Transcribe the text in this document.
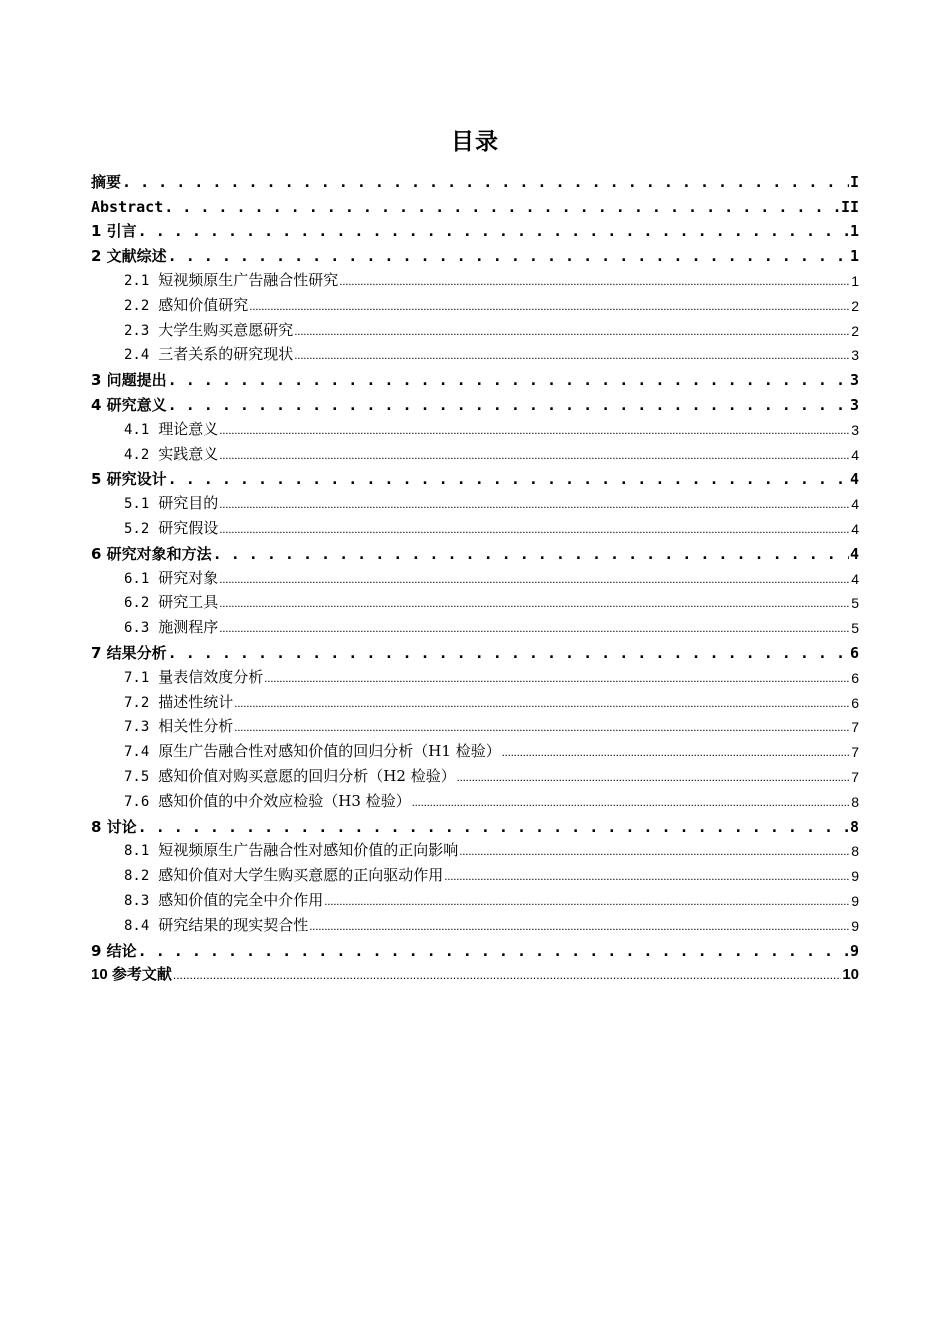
目录
摘要 . . .	I
Abstract . . .	II
1 引言 . . .	1
2 文献综述 . . .	1
2.1 短视频原生广告融合性研究 .....	1
2.2 感知价值研究 .....	2
2.3 大学生购买意愿研究 .....	2
2.4 三者关系的研究现状 .....	3
3 问题提出 . . .	3
4 研究意义 . . .	3
4.1 理论意义 .....	3
4.2 实践意义 .....	4
5 研究设计 . . .	4
5.1 研究目的 .....	4
5.2 研究假设 .....	4
6 研究对象和方法 . . .	4
6.1 研究对象 .....	4
6.2 研究工具 .....	5
6.3 施测程序 .....	5
7 结果分析 . . .	6
7.1 量表信效度分析 .....	6
7.2 描述性统计 .....	6
7.3 相关性分析 .....	7
7.4 原生广告融合性对感知价值的回归分析（H1 检验） .....	7
7.5 感知价值对购买意愿的回归分析（H2 检验） .....	7
7.6 感知价值的中介效应检验（H3 检验） .....	8
8 讨论 . . .	8
8.1 短视频原生广告融合性对感知价值的正向影响 .....	8
8.2 感知价值对大学生购买意愿的正向驱动作用 .....	9
8.3 感知价值的完全中介作用 .....	9
8.4 研究结果的现实契合性 .....	9
9 结论 . . .	9
10 参考文献 .....	10
